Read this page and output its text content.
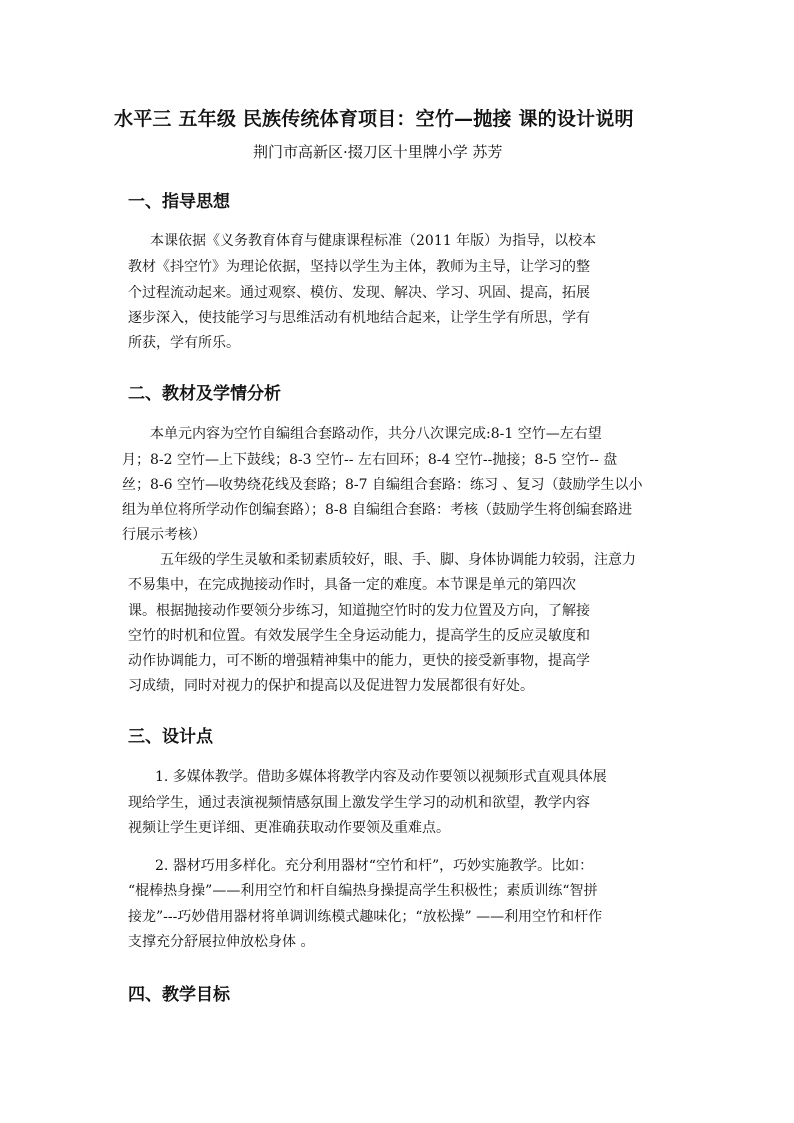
水平三 五年级 民族传统体育项目：空竹—抛接 课的设计说明
荆门市高新区·掇刀区十里牌小学 苏芳
一、指导思想
本课依据《义务教育体育与健康课程标准（2011 年版）为指导，以校本
教材《抖空竹》为理论依据，坚持以学生为主体，教师为主导，让学习的整
个过程流动起来。通过观察、模仿、发现、解决、学习、巩固、提高，拓展
逐步深入，使技能学习与思维活动有机地结合起来，让学生学有所思，学有
所获，学有所乐。
二、教材及学情分析
本单元内容为空竹自编组合套路动作，共分八次课完成:8-1 空竹—左右望
月；8-2 空竹—上下鼓线；8-3 空竹-- 左右回环；8-4 空竹--抛接；8-5 空竹-- 盘
丝；8-6 空竹—收势绕花线及套路；8-7 自编组合套路：练习 、复习（鼓励学生以小
组为单位将所学动作创编套路）；8-8 自编组合套路：考核（鼓励学生将创编套路进
行展示考核）
五年级的学生灵敏和柔韧素质较好，眼、手、脚、身体协调能力较弱，注意力
不易集中，在完成抛接动作时，具备一定的难度。本节课是单元的第四次
课。根据抛接动作要领分步练习，知道抛空竹时的发力位置及方向，了解接
空竹的时机和位置。有效发展学生全身运动能力，提高学生的反应灵敏度和
动作协调能力，可不断的增强精神集中的能力，更快的接受新事物，提高学
习成绩，同时对视力的保护和提高以及促进智力发展都很有好处。
三、设计点
1. 多媒体教学。借助多媒体将教学内容及动作要领以视频形式直观具体展
现给学生，通过表演视频情感氛围上激发学生学习的动机和欲望，教学内容
视频让学生更详细、更准确获取动作要领及重难点。
2. 器材巧用多样化。充分利用器材“空竹和杆”，巧妙实施教学。比如：
“棍棒热身操”——利用空竹和杆自编热身操提高学生积极性；素质训练“智拼
接龙”---巧妙借用器材将单调训练模式趣味化；“放松操” ——利用空竹和杆作
支撑充分舒展拉伸放松身体 。
四、教学目标
